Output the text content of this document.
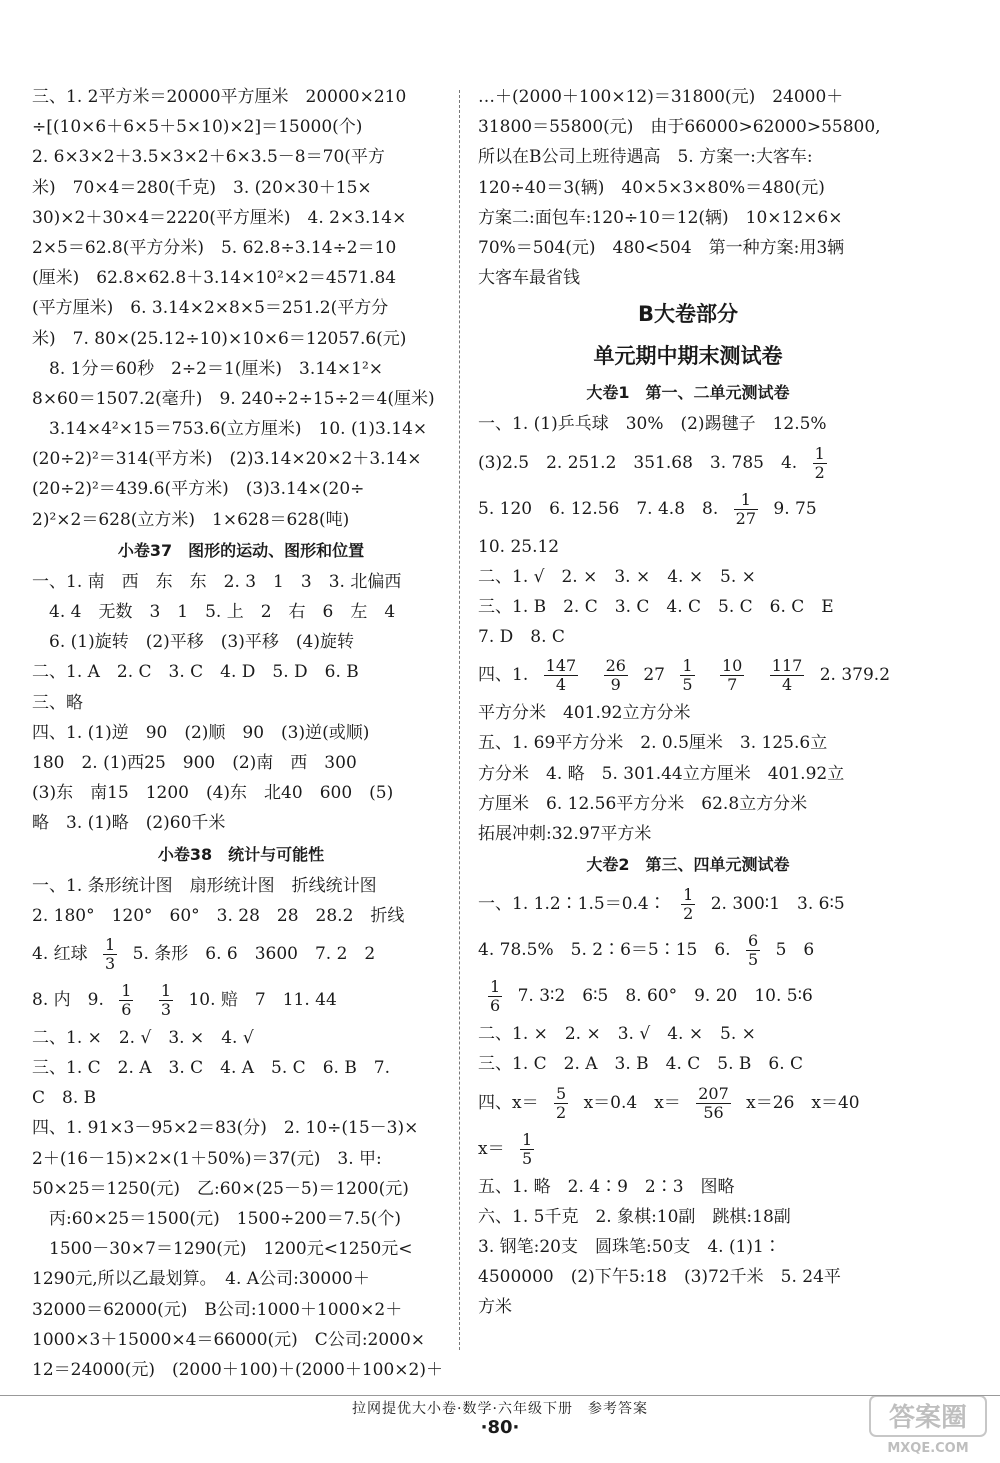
三、1. 2平方米＝20000平方厘米　20000×210
÷[(10×6＋6×5＋5×10)×2]＝15000(个)
2. 6×3×2＋3.5×3×2＋6×3.5－8＝70(平方
米)　70×4＝280(千克)　3. (20×30＋15×
30)×2＋30×4＝2220(平方厘米)　4. 2×3.14×
2×5＝62.8(平方分米)　5. 62.8÷3.14÷2＝10
(厘米)　62.8×62.8＋3.14×10²×2＝4571.84
(平方厘米)　6. 3.14×2×8×5＝251.2(平方分
米)　7. 80×(25.12÷10)×10×6＝12057.6(元)
　8. 1分＝60秒　2÷2＝1(厘米)　3.14×1²×
8×60＝1507.2(毫升)　9. 240÷2÷15÷2＝4(厘米)
　3.14×4²×15＝753.6(立方厘米)　10. (1)3.14×
(20÷2)²＝314(平方米)　(2)3.14×20×2＋3.14×
(20÷2)²＝439.6(平方米)　(3)3.14×(20÷
2)²×2＝628(立方米)　1×628＝628(吨)
小卷37　图形的运动、图形和位置
一、1. 南　西　东　东　2. 3　1　3　3. 北偏西
　4. 4　无数　3　1　5. 上　2　右　6　左　4
　6. (1)旋转　(2)平移　(3)平移　(4)旋转
二、1. A　2. C　3. C　4. D　5. D　6. B
三、略
四、1. (1)逆　90　(2)顺　90　(3)逆(或顺)
180　2. (1)西25　900　(2)南　西　300
(3)东　南15　1200　(4)东　北40　600　(5)
略　3. (1)略　(2)60千米
小卷38　统计与可能性
一、1. 条形统计图　扇形统计图　折线统计图
2. 180°　120°　60°　3. 28　28　28.2　折线
4. 红球 $\frac{1}{3} 5$. 条形　6. 6　3600　7. 2　2
8. 内　9. $\frac{1}{6}$
$\frac{1}{3} 10$. 赔　7　11. 44
二、1. ×　2. √　3. ×　4. √
三、1. C　2. A　3. C　4. A　5. C　6. B　7.
C　8. B
四、1. 91×3－95×2＝83(分)　2. 10÷(15－3)×
2＋(16－15)×2×(1＋50%)＝37(元)　3. 甲:
50×25＝1250(元)　乙:60×(25－5)＝1200(元)
　丙:60×25＝1500(元)　1500÷200＝7.5(个)
　1500－30×7＝1290(元)　1200元<1250元<
1290元,所以乙最划算。　4. A公司:30000＋
32000＝62000(元)　B公司:1000＋1000×2＋
1000×3＋15000×4＝66000(元)　C公司:2000×
12＝24000(元)　(2000＋100)＋(2000＋100×2)＋
…＋(2000＋100×12)＝31800(元)　24000＋
31800＝55800(元)　由于66000>62000>55800,
所以在B公司上班待遇高　5. 方案一:大客车:
120÷40＝3(辆)　40×5×3×80%＝480(元)
方案二:面包车:120÷10＝12(辆)　10×12×6×
70%＝504(元)　480<504　第一种方案:用3辆
大客车最省钱
B大卷部分
单元期中期末测试卷
大卷1　第一、二单元测试卷
一、1. (1)乒乓球　30%　(2)踢毽子　12.5%
(3)2.5　2. 251.2　351.68　3. 785　4. $\frac{1}{2}$
5. 120　6. 12.56　7. 4.8　8. $\frac{1}{27} 9$. 75
10. 25.12
二、1. √　2. ×　3. ×　4. ×　5. ×
三、1. B　2. C　3. C　4. C　5. C　6. C　E
7. D　8. C
四、1. $\frac{147}{4}$
$\frac{26}{9} 27 \frac{1}{5}$
$\frac{10}{7}$
$\frac{117}{4} 2$. 379.2
平方分米　401.92立方分米
五、1. 69平方分米　2. 0.5厘米　3. 125.6立
方分米　4. 略　5. 301.44立方厘米　401.92立
方厘米　6. 12.56平方分米　62.8立方分米
拓展冲刺:32.97平方米
大卷2　第三、四单元测试卷
一、1. 1.2∶1.5＝0.4∶ $\frac{1}{2} 2$. 300∶1　3. 6∶5
4. 78.5%　5. 2∶6＝5∶15　6. $\frac{6}{5} 5$　6
$\frac{1}{6} 7$. 3∶2　6∶5　8. 60°　9. 20　10. 5∶6
二、1. ×　2. ×　3. √　4. ×　5. ×
三、1. C　2. A　3. B　4. C　5. B　6. C
四、$x= \frac{5}{2} x=0.4$　$x= \frac{207}{56} x=26$　x＝40
$x= \frac{1}{5}$
五、1. 略　2. 4∶9　2∶3　图略
六、1. 5千克　2. 象棋:10副　跳棋:18副
3. 钢笔:20支　圆珠笔:50支　4. (1)1∶
4500000　(2)下午5:18　(3)72千米　5. 24平
方米
拉网提优大小卷·数学·六年级下册　参考答案
·80·	答案圈
MXQE.COM
